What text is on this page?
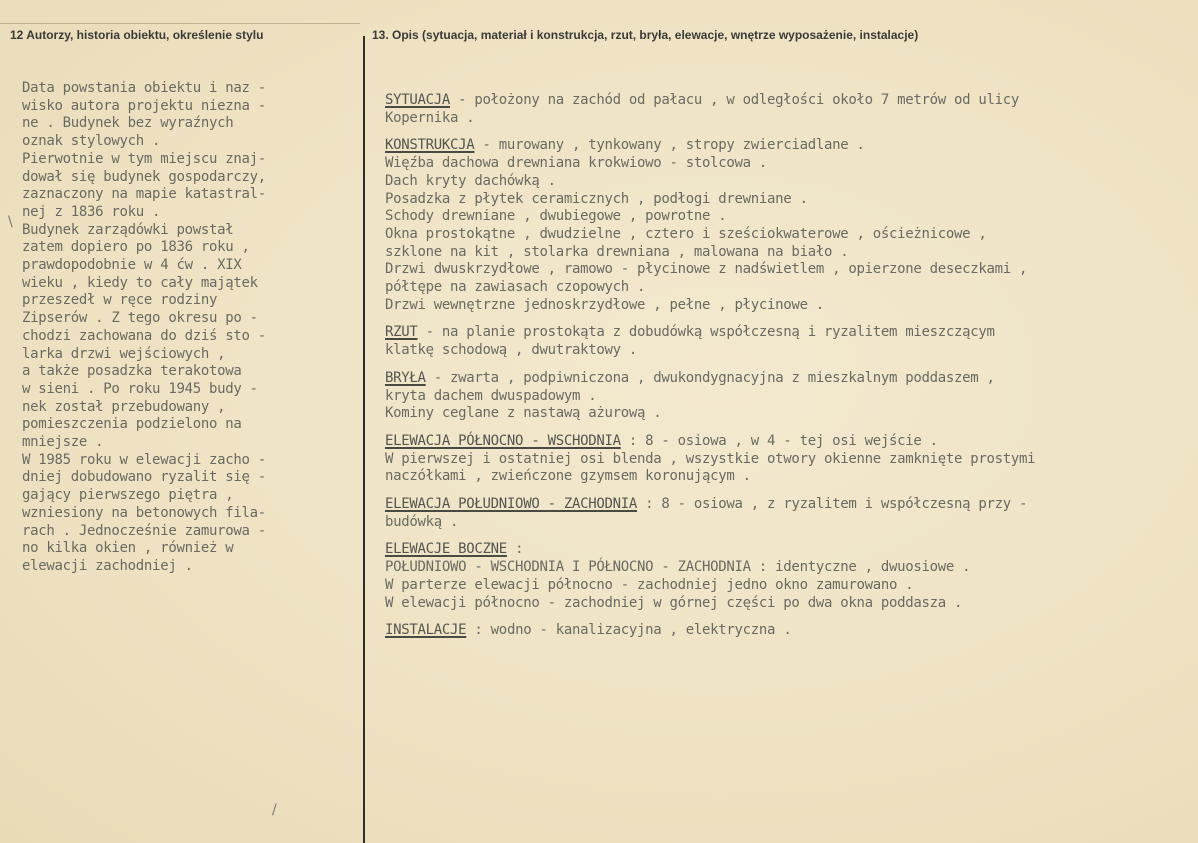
12 Autorzy, historia obiektu, określenie stylu	13. Opis (sytuacja, materiał i konstrukcja, rzut, bryła, elewacje, wnętrze wyposażenie, instalacje)
Data powstania obiektu i naz -
wisko autora projektu niezna -
ne . Budynek bez wyraźnych
oznak stylowych .
Pierwotnie w tym miejscu znaj-
dował się budynek gospodarczy,
zaznaczony na mapie katastral-
nej z 1836 roku .
Budynek zarządówki powstał
zatem dopiero po 1836 roku ,
prawdopodobnie w 4 ćw . XIX
wieku , kiedy to cały majątek
przeszedł w ręce rodziny
Zipserów . Z tego okresu po -
chodzi zachowana do dziś sto -
larka drzwi wejściowych ,
a także posadzka terakotowa
w sieni . Po roku 1945 budy -
nek został przebudowany ,
pomieszczenia podzielono na
mniejsze .
W 1985 roku w elewacji zacho -
dniej dobudowano ryzalit się -
gający pierwszego piętra ,
wzniesiony na betonowych fila-
rach . Jednocześnie zamurowa -
no kilka okien , również w
elewacji zachodniej .
\
/
SYTUACJA - położony na zachód od pałacu , w odległości około 7 metrów od ulicy
Kopernika .
KONSTRUKCJA - murowany , tynkowany , stropy zwierciadlane .
Więźba dachowa drewniana krokwiowo - stolcowa .
Dach kryty dachówką .
Posadzka z płytek ceramicznych , podłogi drewniane .
Schody drewniane , dwubiegowe , powrotne .
Okna prostokątne , dwudzielne , cztero i sześciokwaterowe , ościeżnicowe ,
szklone na kit , stolarka drewniana , malowana na biało .
Drzwi dwuskrzydłowe , ramowo - płycinowe z nadświetlem , opierzone deseczkami ,
półtępe na zawiasach czopowych .
Drzwi wewnętrzne jednoskrzydłowe , pełne , płycinowe .
RZUT - na planie prostokąta z dobudówką współczesną i ryzalitem mieszczącym
klatkę schodową , dwutraktowy .
BRYŁA - zwarta , podpiwniczona , dwukondygnacyjna z mieszkalnym poddaszem ,
kryta dachem dwuspadowym .
Kominy ceglane z nastawą ażurową .
ELEWACJA PÓŁNOCNO - WSCHODNIA : 8 - osiowa , w 4 - tej osi wejście .
W pierwszej i ostatniej osi blenda , wszystkie otwory okienne zamknięte prostymi
naczółkami , zwieńczone gzymsem koronującym .
ELEWACJA POŁUDNIOWO - ZACHODNIA : 8 - osiowa , z ryzalitem i współczesną przy -
budówką .
ELEWACJE BOCZNE :
POŁUDNIOWO - WSCHODNIA I PÓŁNOCNO - ZACHODNIA : identyczne , dwuosiowe .
W parterze elewacji północno - zachodniej jedno okno zamurowano .
W elewacji północno - zachodniej w górnej części po dwa okna poddasza .
INSTALACJE : wodno - kanalizacyjna , elektryczna .
